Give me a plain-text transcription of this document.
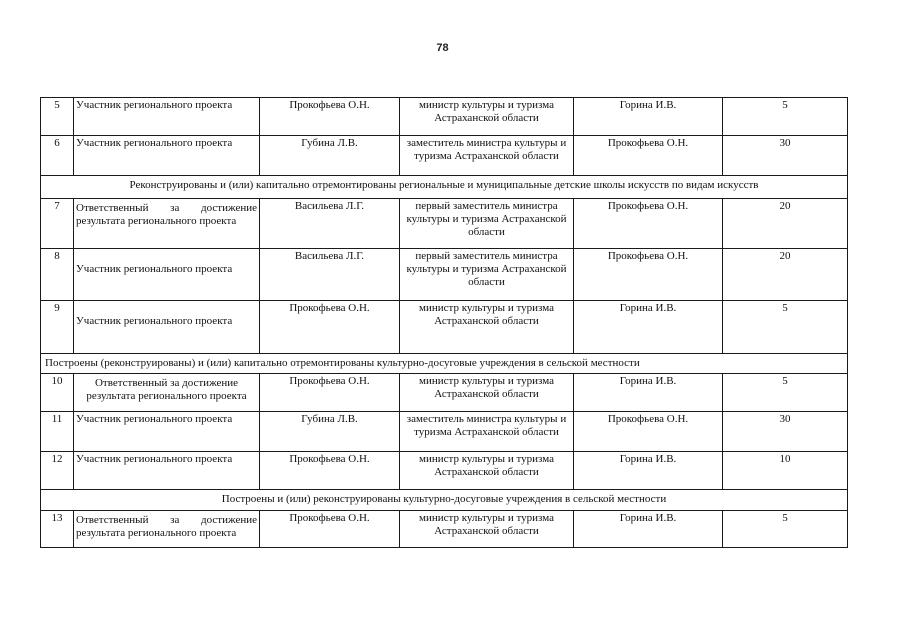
78
5	Участник регионального проекта	Прокофьева О.Н.	министр культуры и туризма Астраханской области	Горина И.В.	5
6	Участник регионального проекта	Губина Л.В.	заместитель министра культуры и туризма Астраханской области	Прокофьева О.Н.	30
Реконструированы и (или) капитально отремонтированы региональные и муниципальные детские школы искусств по видам искусств					
7	Ответственный за достижение результата регионального проекта	Васильева Л.Г.	первый заместитель министра культуры и туризма Астраханской области	Прокофьева О.Н.	20
8	Участник регионального проекта	Васильева Л.Г.	первый заместитель министра культуры и туризма Астраханской области	Прокофьева О.Н.	20
9	Участник регионального проекта	Прокофьева О.Н.	министр культуры и туризма Астраханской области	Горина И.В.	5
Построены (реконструированы) и (или) капитально отремонтированы культурно-досуговые учреждения в сельской местности					
10	Ответственный за достижение результата регионального проекта	Прокофьева О.Н.	министр культуры и туризма Астраханской области	Горина И.В.	5
11	Участник регионального проекта	Губина Л.В.	заместитель министра культуры и туризма Астраханской области	Прокофьева О.Н.	30
12	Участник регионального проекта	Прокофьева О.Н.	министр культуры и туризма Астраханской области	Горина И.В.	10
Построены и (или) реконструированы культурно-досуговые учреждения в сельской местности					
13	Ответственный за достижение результата регионального проекта	Прокофьева О.Н.	министр культуры и туризма Астраханской области	Горина И.В.	5
